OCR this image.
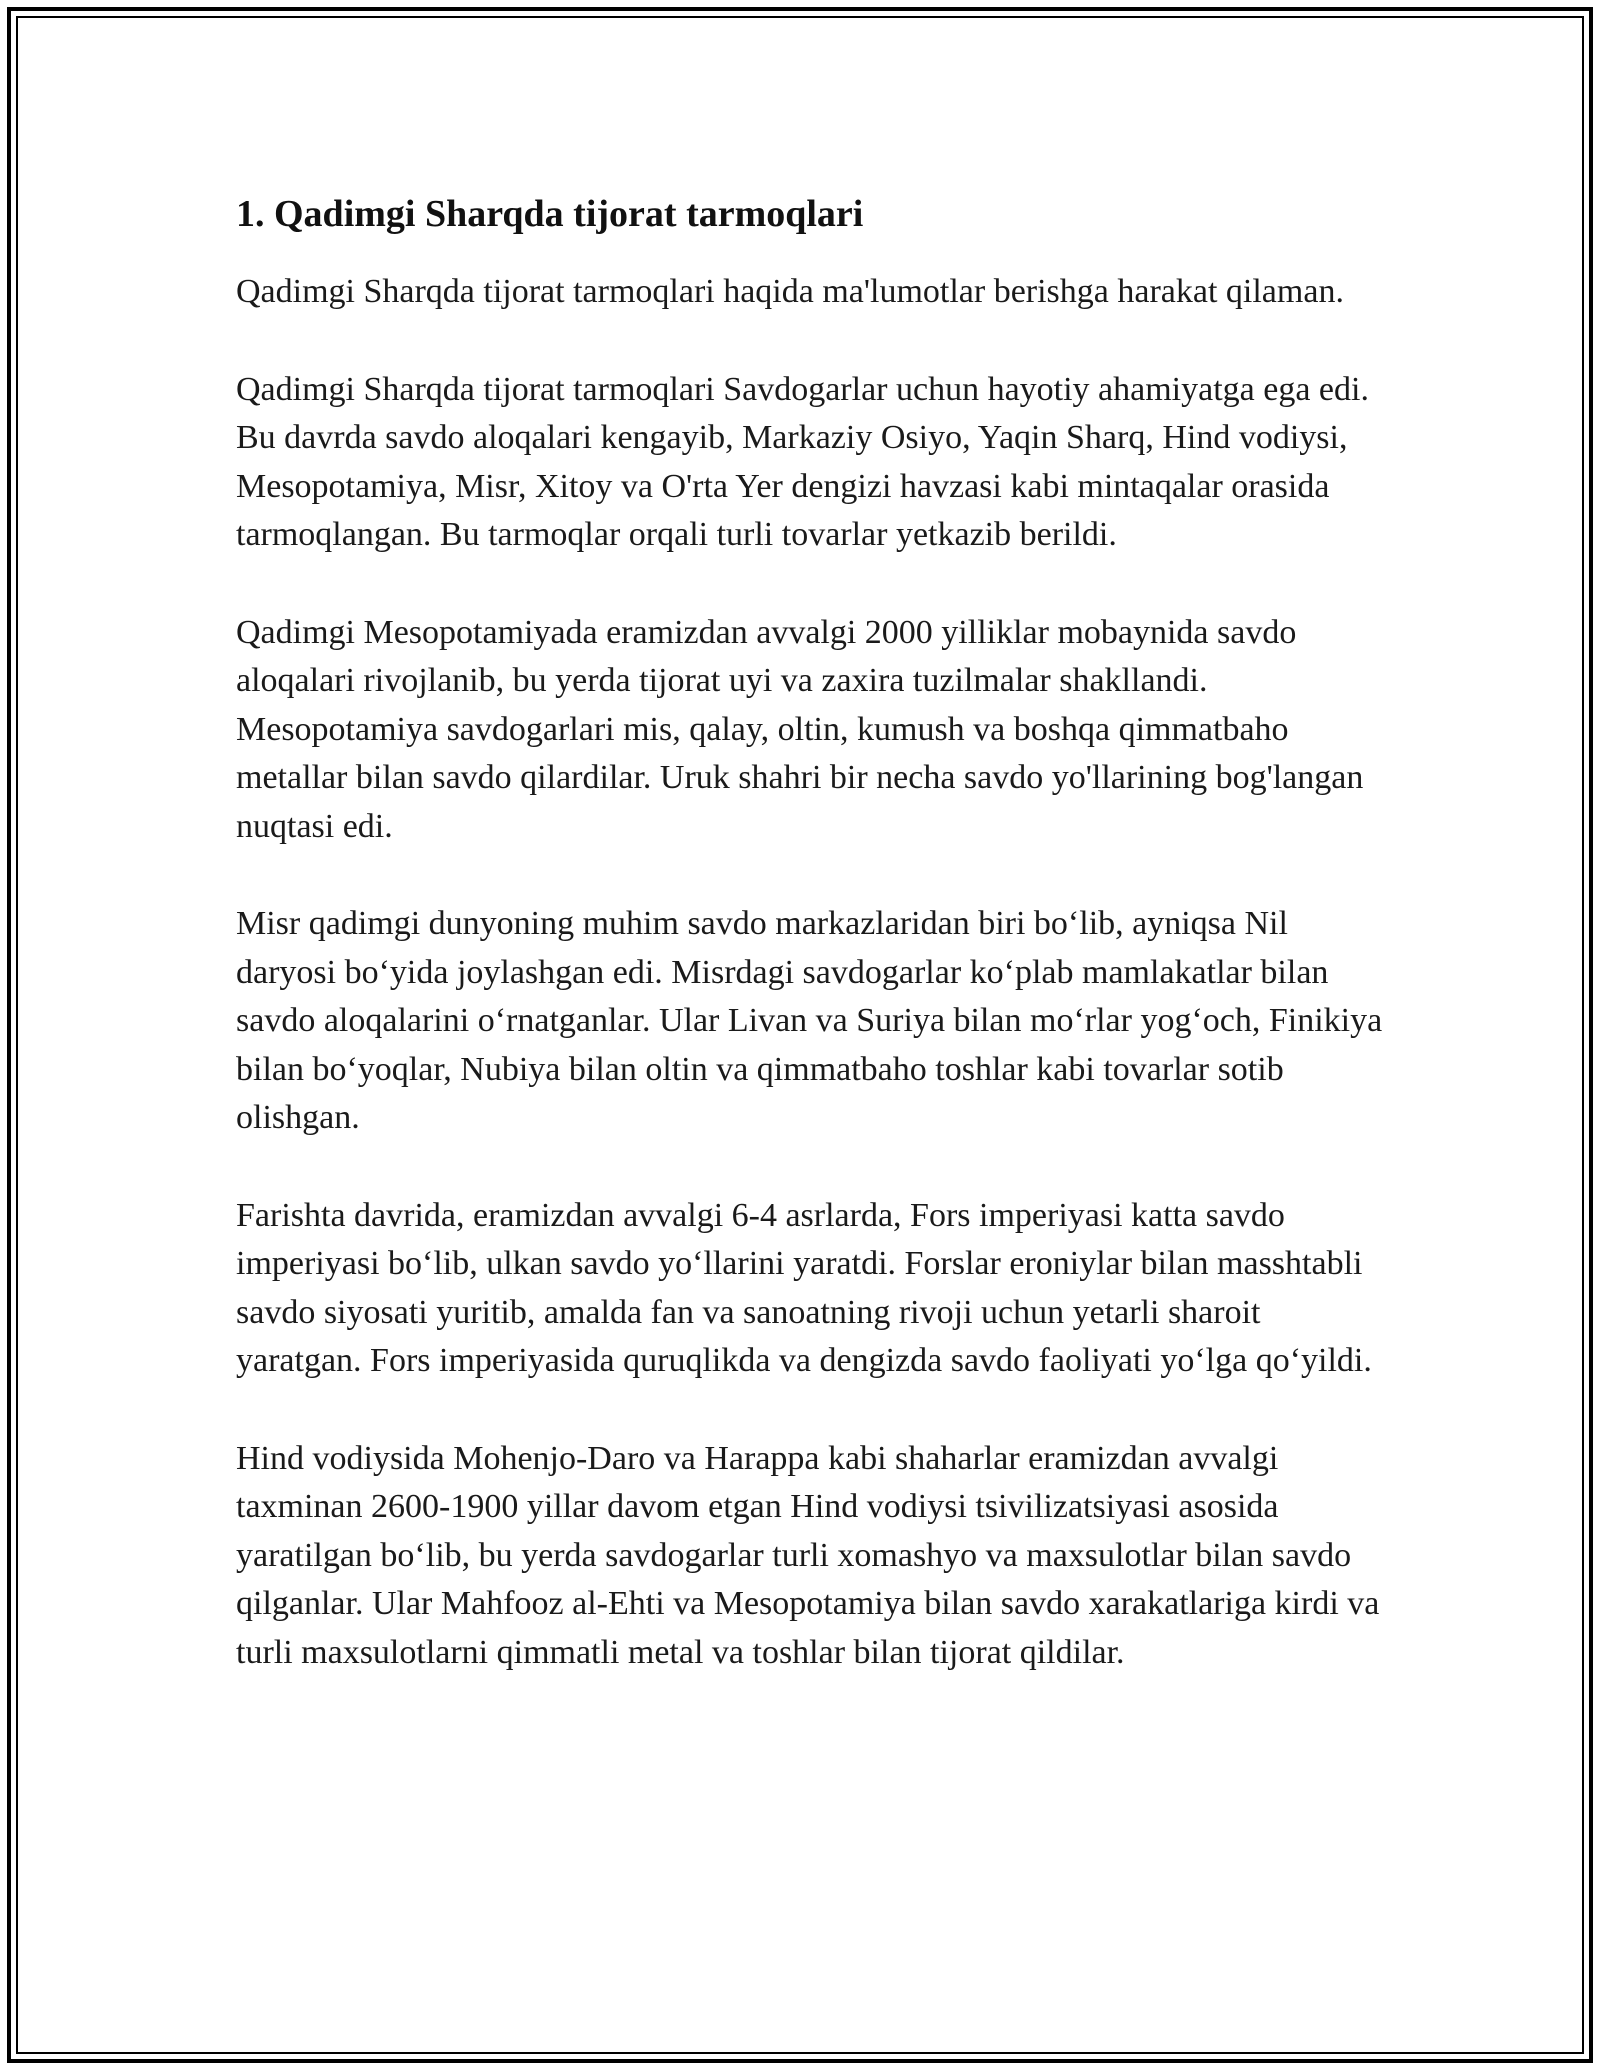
1. Qadimgi Sharqda tijorat tarmoqlari

Qadimgi Sharqda tijorat tarmoqlari haqida ma'lumotlar berishga harakat qilaman.

Qadimgi Sharqda tijorat tarmoqlari Savdogarlar uchun hayotiy ahamiyatga ega edi. Bu davrda savdo aloqalari kengayib, Markaziy Osiyo, Yaqin Sharq, Hind vodiysi, Mesopotamiya, Misr, Xitoy va O'rta Yer dengizi havzasi kabi mintaqalar orasida tarmoqlangan. Bu tarmoqlar orqali turli tovarlar yetkazib berildi.

Qadimgi Mesopotamiyada eramizdan avvalgi 2000 yilliklar mobaynida savdo aloqalari rivojlanib, bu yerda tijorat uyi va zaxira tuzilmalar shakllandi. Mesopotamiya savdogarlari mis, qalay, oltin, kumush va boshqa qimmatbaho metallar bilan savdo qilardilar. Uruk shahri bir necha savdo yo'llarining bog'langan nuqtasi edi.

Misr qadimgi dunyoning muhim savdo markazlaridan biri bo‘lib, ayniqsa Nil daryosi bo‘yida joylashgan edi. Misrdagi savdogarlar ko‘plab mamlakatlar bilan savdo aloqalarini o‘rnatganlar. Ular Livan va Suriya bilan mo‘rlar yog‘och, Finikiya bilan bo‘yoqlar, Nubiya bilan oltin va qimmatbaho toshlar kabi tovarlar sotib olishgan.

Farishta davrida, eramizdan avvalgi 6-4 asrlarda, Fors imperiyasi katta savdo imperiyasi bo‘lib, ulkan savdo yo‘llarini yaratdi. Forslar eroniylar bilan masshtabli savdo siyosati yuritib, amalda fan va sanoatning rivoji uchun yetarli sharoit yaratgan. Fors imperiyasida quruqlikda va dengizda savdo faoliyati yo‘lga qo‘yildi.

Hind vodiysida Mohenjo-Daro va Harappa kabi shaharlar eramizdan avvalgi taxminan 2600-1900 yillar davom etgan Hind vodiysi tsivilizatsiyasi asosida yaratilgan bo‘lib, bu yerda savdogarlar turli xomashyo va maxsulotlar bilan savdo qilganlar. Ular Mahfooz al-Ehti va Mesopotamiya bilan savdo xarakatlariga kirdi va turli maxsulotlarni qimmatli metal va toshlar bilan tijorat qildilar.
